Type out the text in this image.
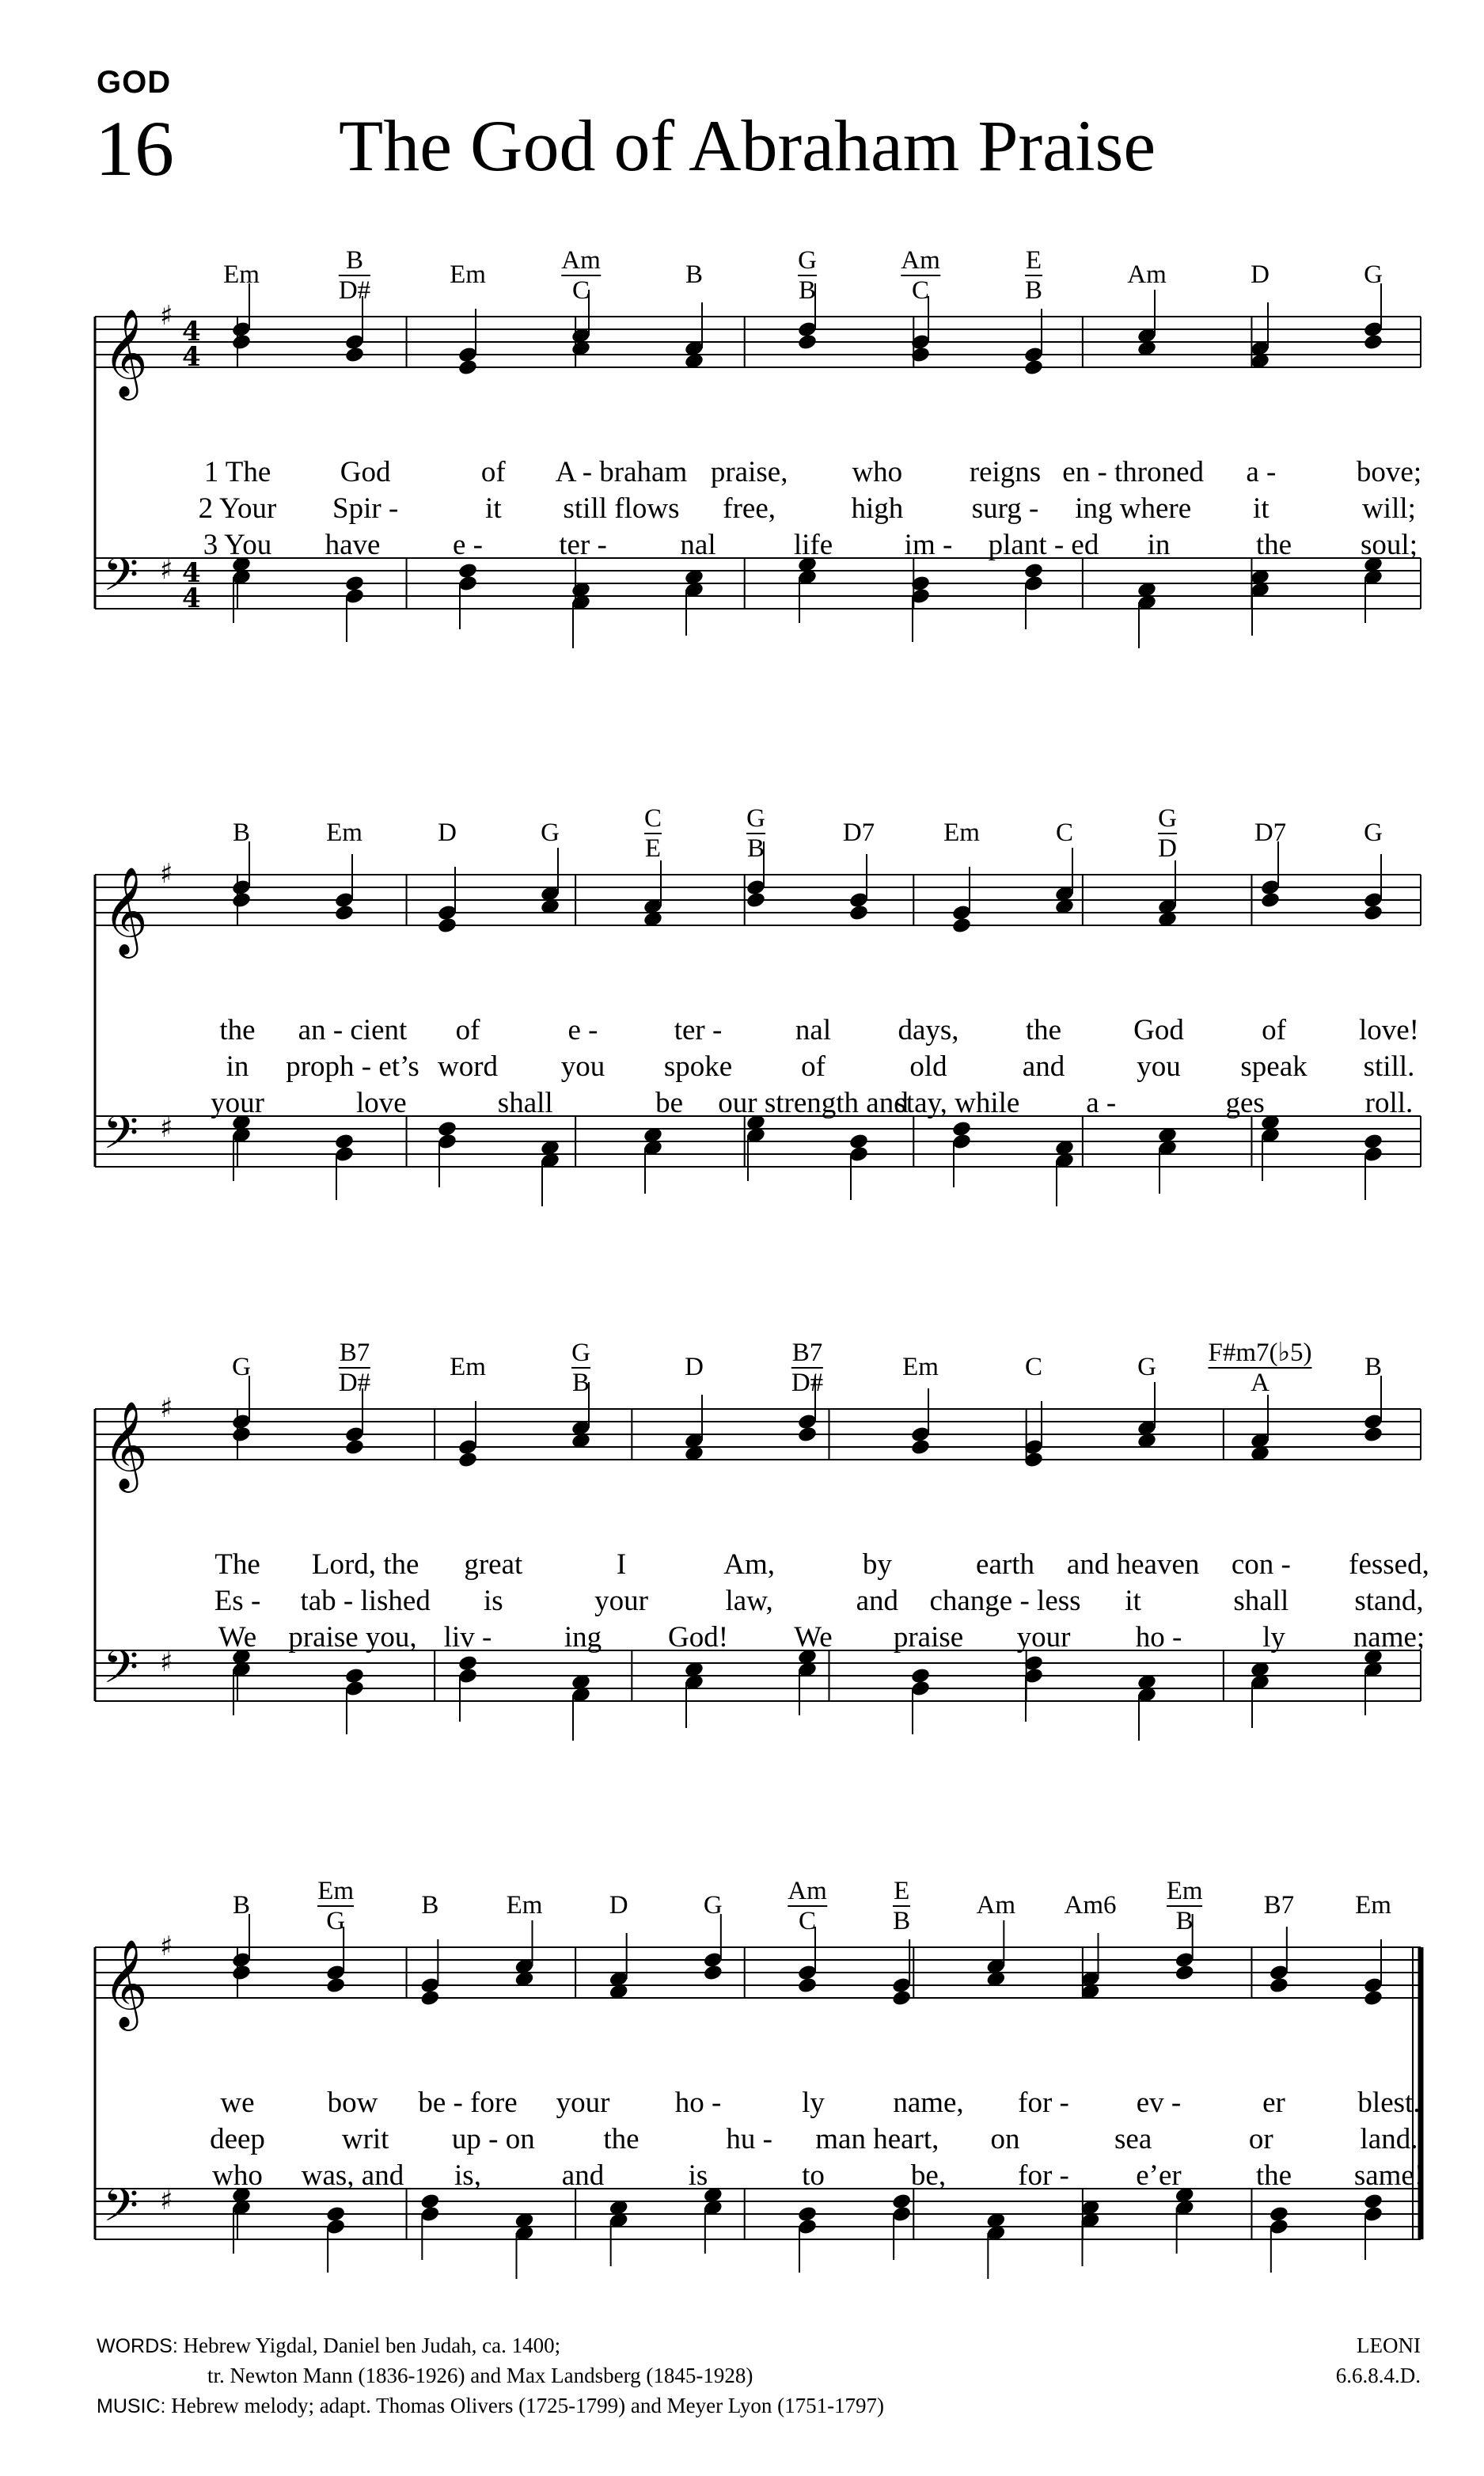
GOD
16 The God of Abraham Praise
𝄞
𝄢
♯
♯
4
4
4
4
Em	B
D#
Em	Am
C
B	G
B
Am
C
E
B
Am	D	G
1 The God	of A - braham praise, who reigns en - throned a -	bove;
2 Your Spir -	it still flows free,	high surg - ing where it	will;
3 You have e -	ter -	nal	life im - plant - ed in	the soul;
𝄞
𝄢
♯
♯
B	Em	D	G	C
E
G
B
D7	Em	C	G
D
D7	G
the an - cient of	e -	ter -	nal days, the God	of love!
in proph - et’s word you spoke of	old	and you speak still.
your	love	shall	be our strength and
stay, while a -	ges	roll.
𝄞
𝄢
♯
♯
G	B7
D#
Em	G
B
D	B7
D#
Em	C	G F#m7(♭5)
A
B
The Lord, the great	I	Am,	by	earth and heaven con - fessed,
Es - tab - lished is	your	law,	and change - less it	shall stand,
We praise you, liv - ing God! We praise your ho -	ly name;
𝄞
𝄢
♯
♯
B	Em
G
B	Em	D	G	Am
C
E
B
Am Am6 Em
B
B7 Em
we bow be - fore your ho -	ly name, for - ev -	er blest.
deep	writ up - on the	hu - man heart, on	sea	or	land.
who was, and is,	and	is	to	be, for - e’er	the same!
WORDS: Hebrew Yigdal, Daniel ben Judah, ca. 1400;
tr. Newton Mann (1836-1926) and Max Landsberg (1845-1928)
MUSIC: Hebrew melody; adapt. Thomas Olivers (1725-1799) and Meyer Lyon (1751-1797)
LEONI
6.6.8.4.D.
